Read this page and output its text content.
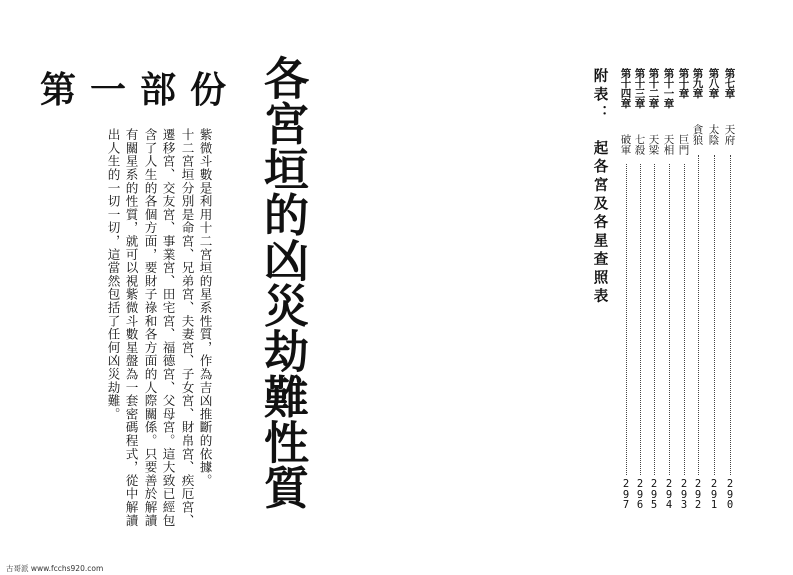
第一部份 各宮垣的凶災劫難性質
紫微斗數是利用十二宮垣的星系性質，作為吉凶推斷的依據。
十二宮垣分別是命宮、兄弟宮、夫妻宮、子女宮、財帛宮、疾厄宮、
遷移宮、交友宮、事業宮、田宅宮、福德宮、父母宮。這大致已經包
含了人生的各個方面，要財子祿和各方面的人際關係。只要善於解讀
有關星系的性質，就可以視紫微斗數星盤為一套密碼程式，從中解讀
出人生的一切一切，這當然包括了任何凶災劫難。
第七章
天府
2
9
0
第八章
太陰
2
9
1
第九章
貪狼
2
9
2
第十章
巨門
2
9
3
第十一章
天相
2
9
4
第十二章
天梁
2
9
5
第十三章
七殺
2
9
6
第十四章
破軍
2
9
7
附表：
起各宮及各星查照表
古哥派 www.fcchs920.com
